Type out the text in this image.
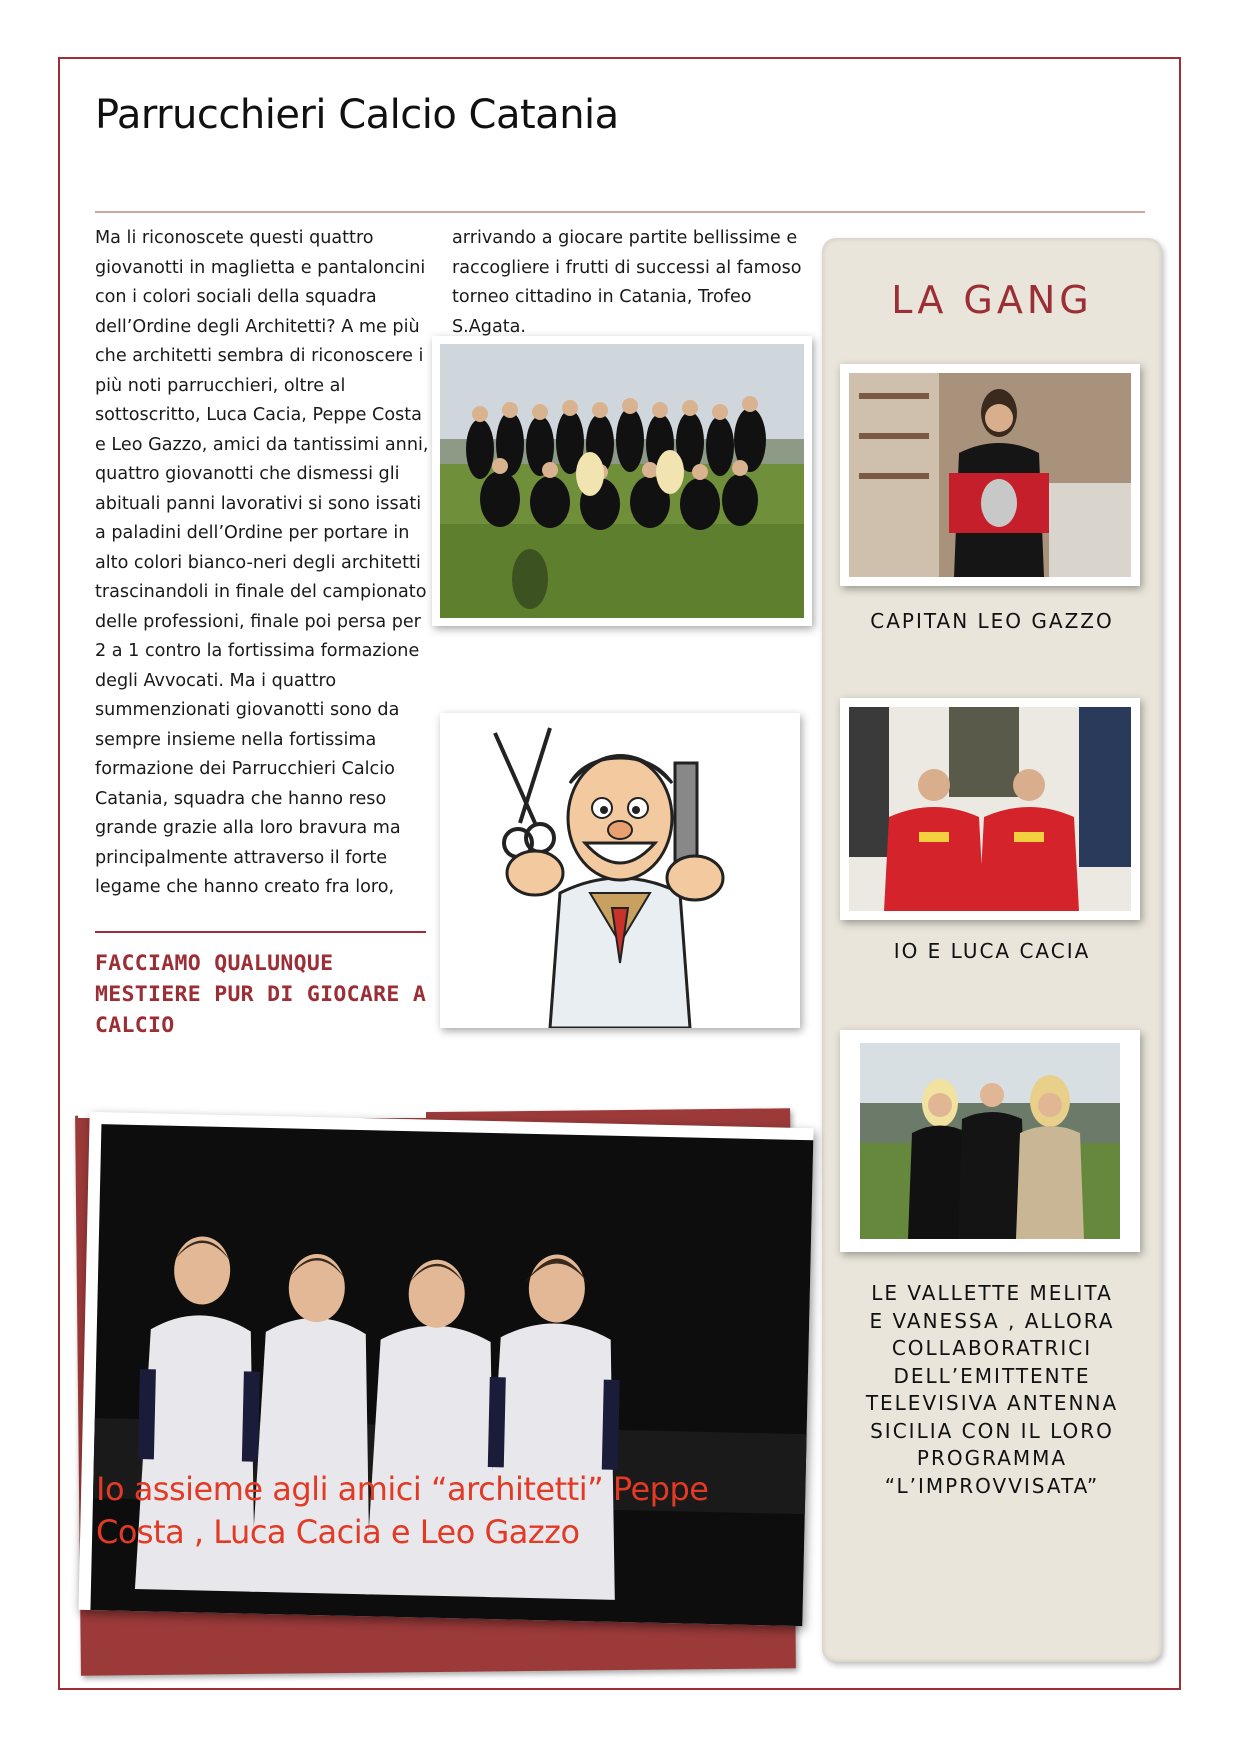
Parrucchieri Calcio Catania
Ma li riconoscete questi quattro giovanotti in maglietta e pantaloncini con i colori sociali della squadra dell’Ordine degli Architetti? A me più che architetti sembra di riconoscere i più noti parrucchieri, oltre al sottoscritto, Luca Cacia, Peppe Costa e Leo Gazzo, amici da tantissimi anni, quattro giovanotti che dismessi gli abituali panni lavorativi si sono issati a paladini dell’Ordine per portare in alto colori bianco-neri degli architetti trascinandoli in finale del campionato delle professioni, finale poi persa per 2 a 1 contro la fortissima formazione degli Avvocati. Ma i quattro summenzionati giovanotti sono da sempre insieme nella fortissima formazione dei Parrucchieri Calcio Catania, squadra che hanno reso grande grazie alla loro bravura ma principalmente attraverso il forte legame che hanno creato fra loro,
arrivando a giocare partite bellissime e raccogliere i frutti di successi al famoso torneo cittadino in Catania, Trofeo S.Agata.
FACCIAMO QUALUNQUE MESTIERE PUR DI GIOCARE A CALCIO
LA GANG
CAPITAN LEO GAZZO
IO E LUCA CACIA
LE VALLETTE MELITA E VANESSA , ALLORA COLLABORATRICI DELL’EMITTENTE TELEVISIVA ANTENNA SICILIA CON IL LORO PROGRAMMA “L’IMPROVVISATA”
Io assieme agli amici “architetti” Peppe Costa , Luca Cacia e Leo Gazzo
